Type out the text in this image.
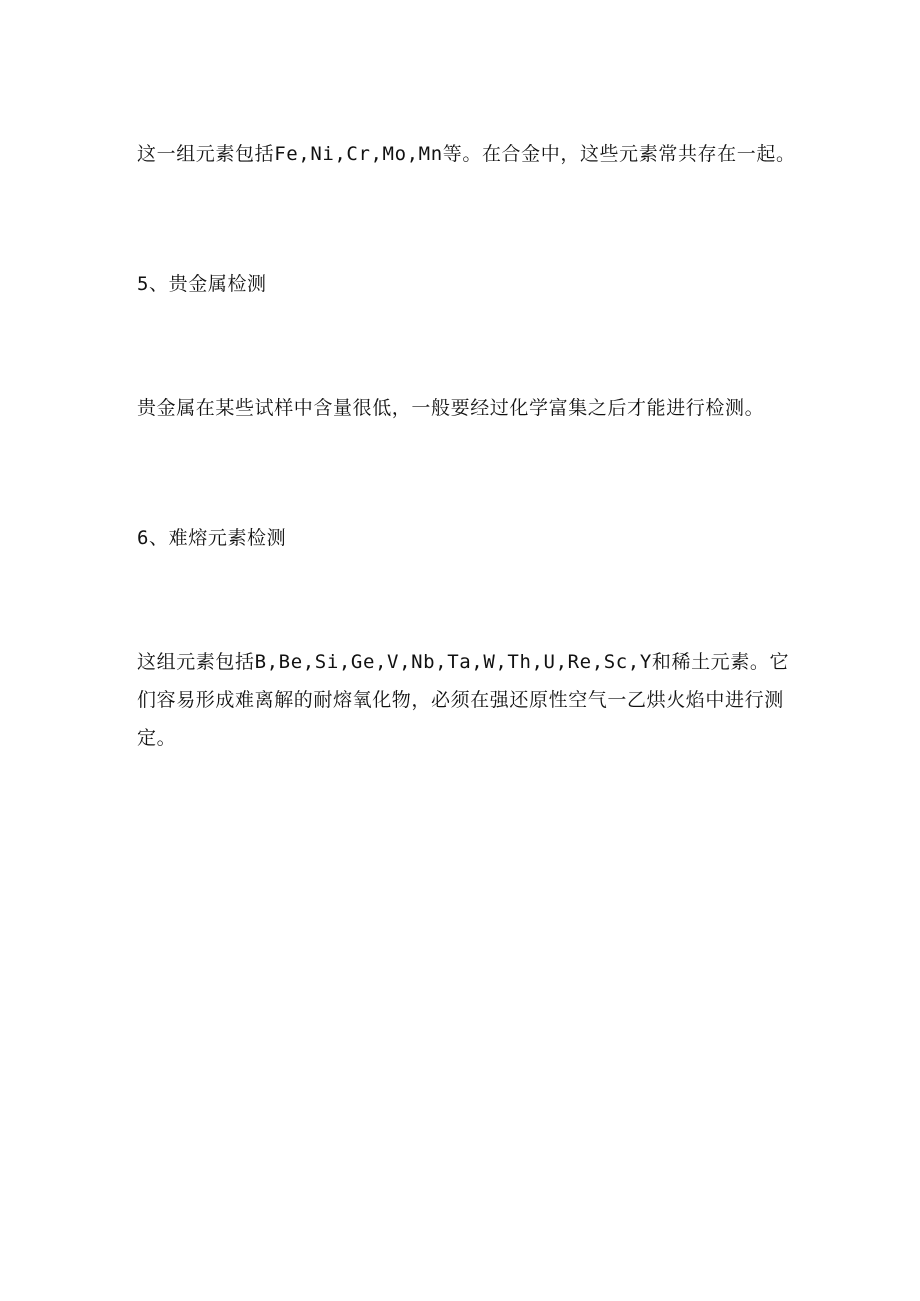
这一组元素包括Fe,Ni,Cr,Mo,Mn等。在合金中，这些元素常共存在一起。

5、贵金属检测

贵金属在某些试样中含量很低，一般要经过化学富集之后才能进行检测。

6、难熔元素检测

这组元素包括B,Be,Si,Ge,V,Nb,Ta,W,Th,U,Re,Sc,Y和稀土元素。它们容易形成难离解的耐熔氧化物，必须在强还原性空气一乙烘火焰中进行测定。
